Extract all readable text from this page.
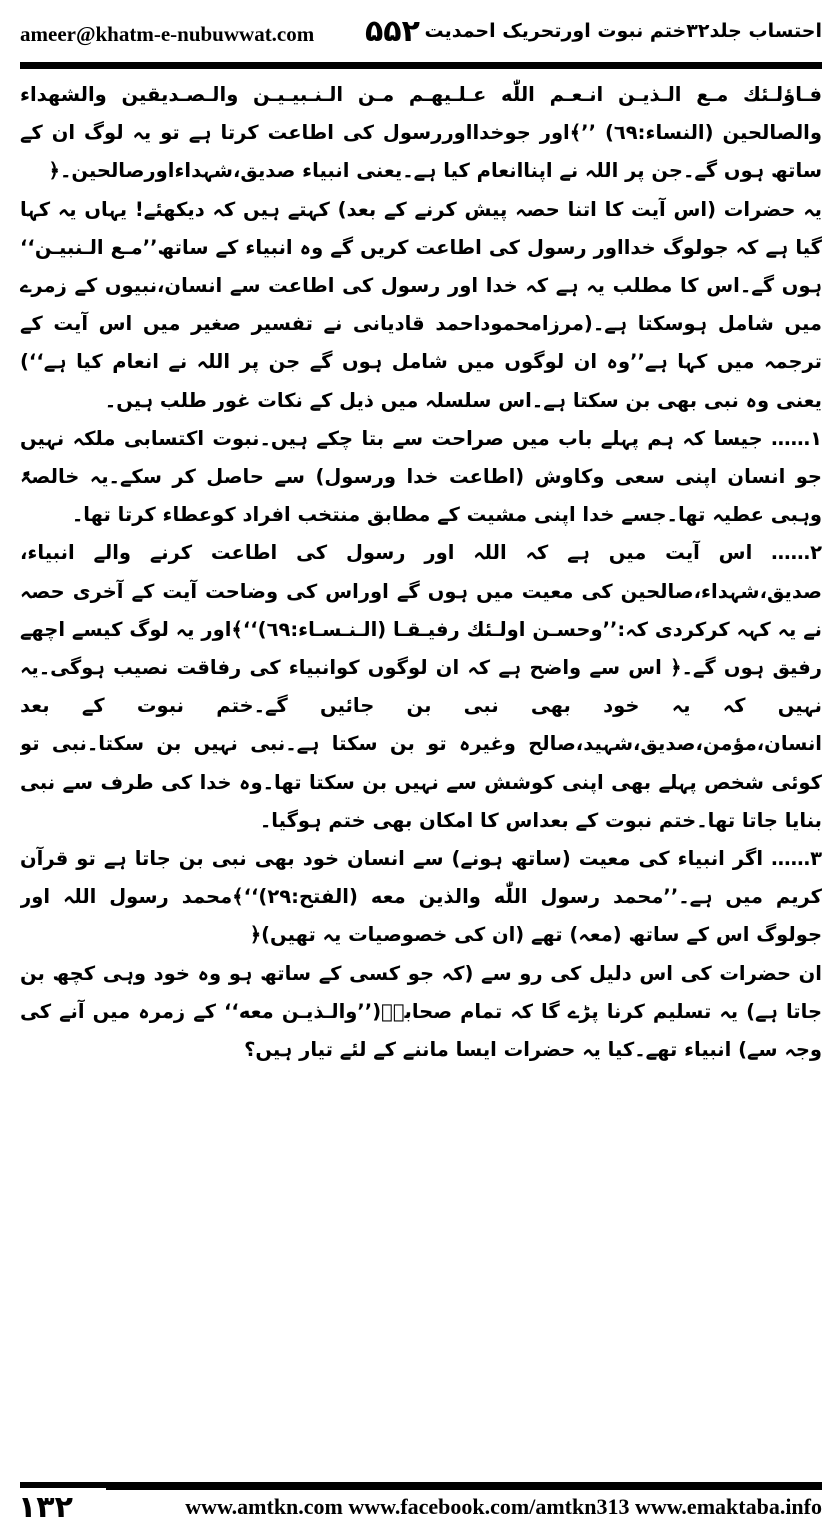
ameer@khatm-e-nubuwwat.com ۵۵۲ احتساب جلد۳۲ختم نبوت اورتحریک احمدیت

فـاؤلـئك مـع الـذيـن انـعـم اللّٰه عـلـيهـم مـن الـنـبيـيـن والـصـديقين والشهداء والصالحين (النساء:٦٩) ’’﴾اور جوخدااوررسول کی اطاعت کرتا ہے تو یہ لوگ ان کے ساتھ ہوں گے۔جن پر اللہ نے اپناانعام کیا ہے۔یعنی انبیاء صدیق،شہداءاورصالحین۔﴿

یہ حضرات (اس آیت کا اتنا حصہ پیش کرنے کے بعد) کہتے ہیں کہ دیکھئے! یہاں یہ کہا گیا ہے کہ جولوگ خدااور رسول کی اطاعت کریں گے وہ انبیاء کے ساتھ’’مـع الـنبيـن‘‘ ہوں گے۔اس کا مطلب یہ ہے کہ خدا اور رسول کی اطاعت سے انسان،نبیوں کے زمرے میں شامل ہوسکتا ہے۔(مرزامحموداحمد قادیانی نے تفسیر صغیر میں اس آیت کے ترجمہ میں کہا ہے’’وہ ان لوگوں میں شامل ہوں گے جن پر اللہ نے انعام کیا ہے‘‘) یعنی وہ نبی بھی بن سکتا ہے۔اس سلسلہ میں ذیل کے نکات غور طلب ہیں۔

۱…… جیسا کہ ہم پہلے باب میں صراحت سے بتا چکے ہیں۔نبوت اکتسابی ملکہ نہیں جو انسان اپنی سعی وکاوش (اطاعت خدا ورسول) سے حاصل کر سکے۔یہ خالصۃً وہبی عطیہ تھا۔جسے خدا اپنی مشیت کے مطابق منتخب افراد کوعطاء کرتا تھا۔

۲…… اس آیت میں ہے کہ اللہ اور رسول کی اطاعت کرنے والے انبیاء، صدیق،شہداء،صالحین کی معیت میں ہوں گے اوراس کی وضاحت آیت کے آخری حصہ نے یہ کہہ کرکردی کہ:’’وحسـن اولـئك رفيـقـا (الـنـسـاء:٦٩)‘‘﴾اور یہ لوگ کیسے اچھے رفیق ہوں گے۔﴿ اس سے واضح ہے کہ ان لوگوں کوانبیاء کی رفاقت نصیب ہوگی۔یہ نہیں کہ یہ خود بھی نبی بن جائیں گے۔ختم نبوت کے بعد انسان،مؤمن،صدیق،شہید،صالح وغیرہ تو بن سکتا ہے۔نبی نہیں بن سکتا۔نبی تو کوئی شخص پہلے بھی اپنی کوشش سے نہیں بن سکتا تھا۔وہ خدا کی طرف سے نبی بنایا جاتا تھا۔ختم نبوت کے بعداس کا امکان بھی ختم ہوگیا۔

۳…… اگر انبیاء کی معیت (ساتھ ہونے) سے انسان خود بھی نبی بن جاتا ہے تو قرآن کریم میں ہے۔’’محمد رسول اللّٰه والذين معه (الفتح:۲۹)‘‘﴾محمد رسول اللہ اور جولوگ اس کے ساتھ (معہ) تھے (ان کی خصوصیات یہ تھیں)﴿

ان حضرات کی اس دلیل کی رو سے (کہ جو کسی کے ساتھ ہو وہ خود وہی کچھ بن جاتا ہے) یہ تسلیم کرنا پڑے گا کہ تمام صحابہؓ(’’والـذيـن معه‘‘ کے زمرہ میں آنے کی وجہ سے) انبیاء تھے۔کیا یہ حضرات ایسا ماننے کے لئے تیار ہیں؟

۱۳۲	www.amtkn.com www.facebook.com/amtkn313 www.emaktaba.info
